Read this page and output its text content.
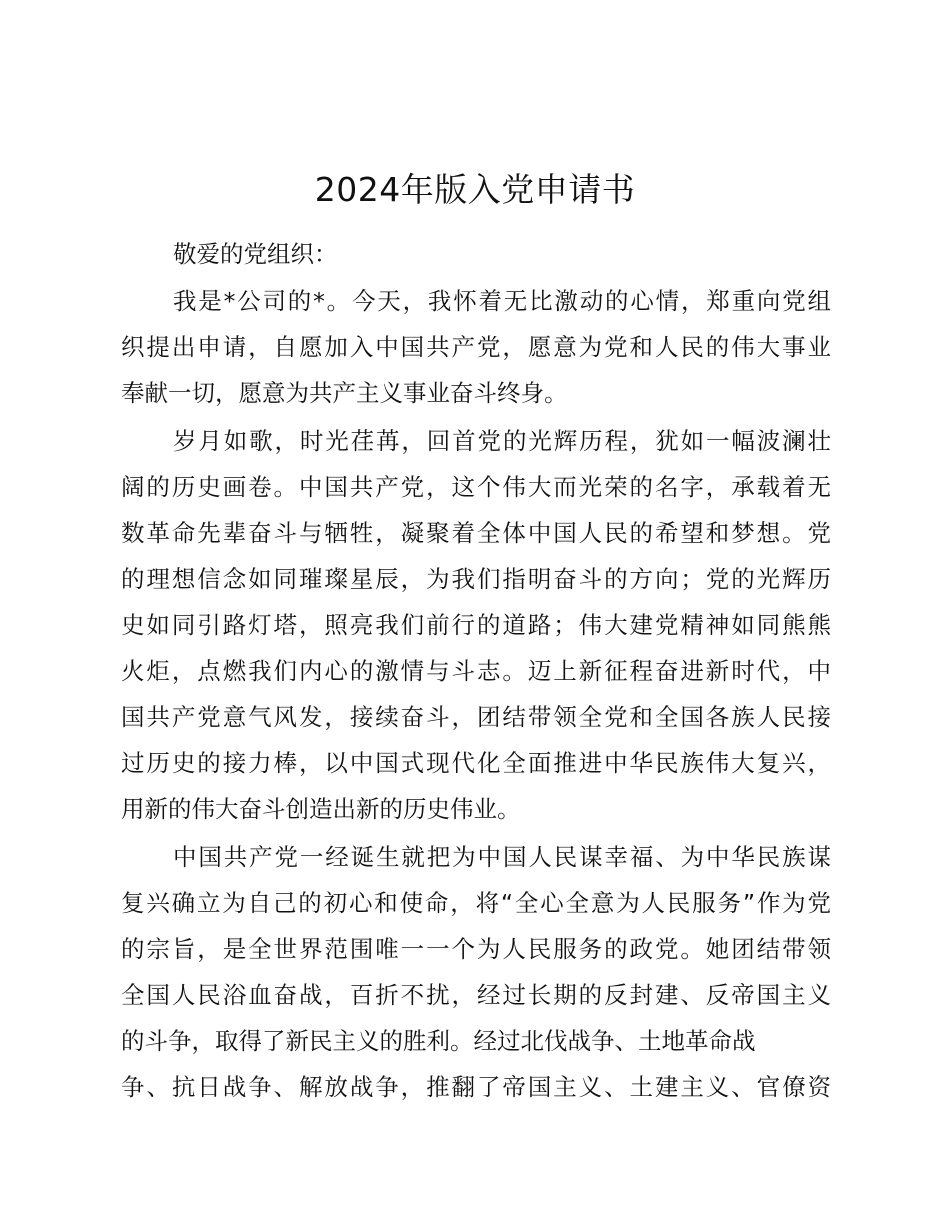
2024年版入党申请书

敬爱的党组织：

我是*公司的*。今天，我怀着无比激动的心情，郑重向党组
织提出申请，自愿加入中国共产党，愿意为党和人民的伟大事业
奉献一切，愿意为共产主义事业奋斗终身。

岁月如歌，时光荏苒，回首党的光辉历程，犹如一幅波澜壮
阔的历史画卷。中国共产党，这个伟大而光荣的名字，承载着无
数革命先辈奋斗与牺牲，凝聚着全体中国人民的希望和梦想。党
的理想信念如同璀璨星辰，为我们指明奋斗的方向；党的光辉历
史如同引路灯塔，照亮我们前行的道路；伟大建党精神如同熊熊
火炬，点燃我们内心的激情与斗志。迈上新征程奋进新时代，中
国共产党意气风发，接续奋斗，团结带领全党和全国各族人民接
过历史的接力棒，以中国式现代化全面推进中华民族伟大复兴，
用新的伟大奋斗创造出新的历史伟业。

中国共产党一经诞生就把为中国人民谋幸福、为中华民族谋
复兴确立为自己的初心和使命，将“全心全意为人民服务”作为党
的宗旨，是全世界范围唯一一个为人民服务的政党。她团结带领
全国人民浴血奋战，百折不扰，经过长期的反封建、反帝国主义
的斗争，取得了新民主义的胜利。经过北伐战争、土地革命战
争、抗日战争、解放战争，推翻了帝国主义、土建主义、官僚资
